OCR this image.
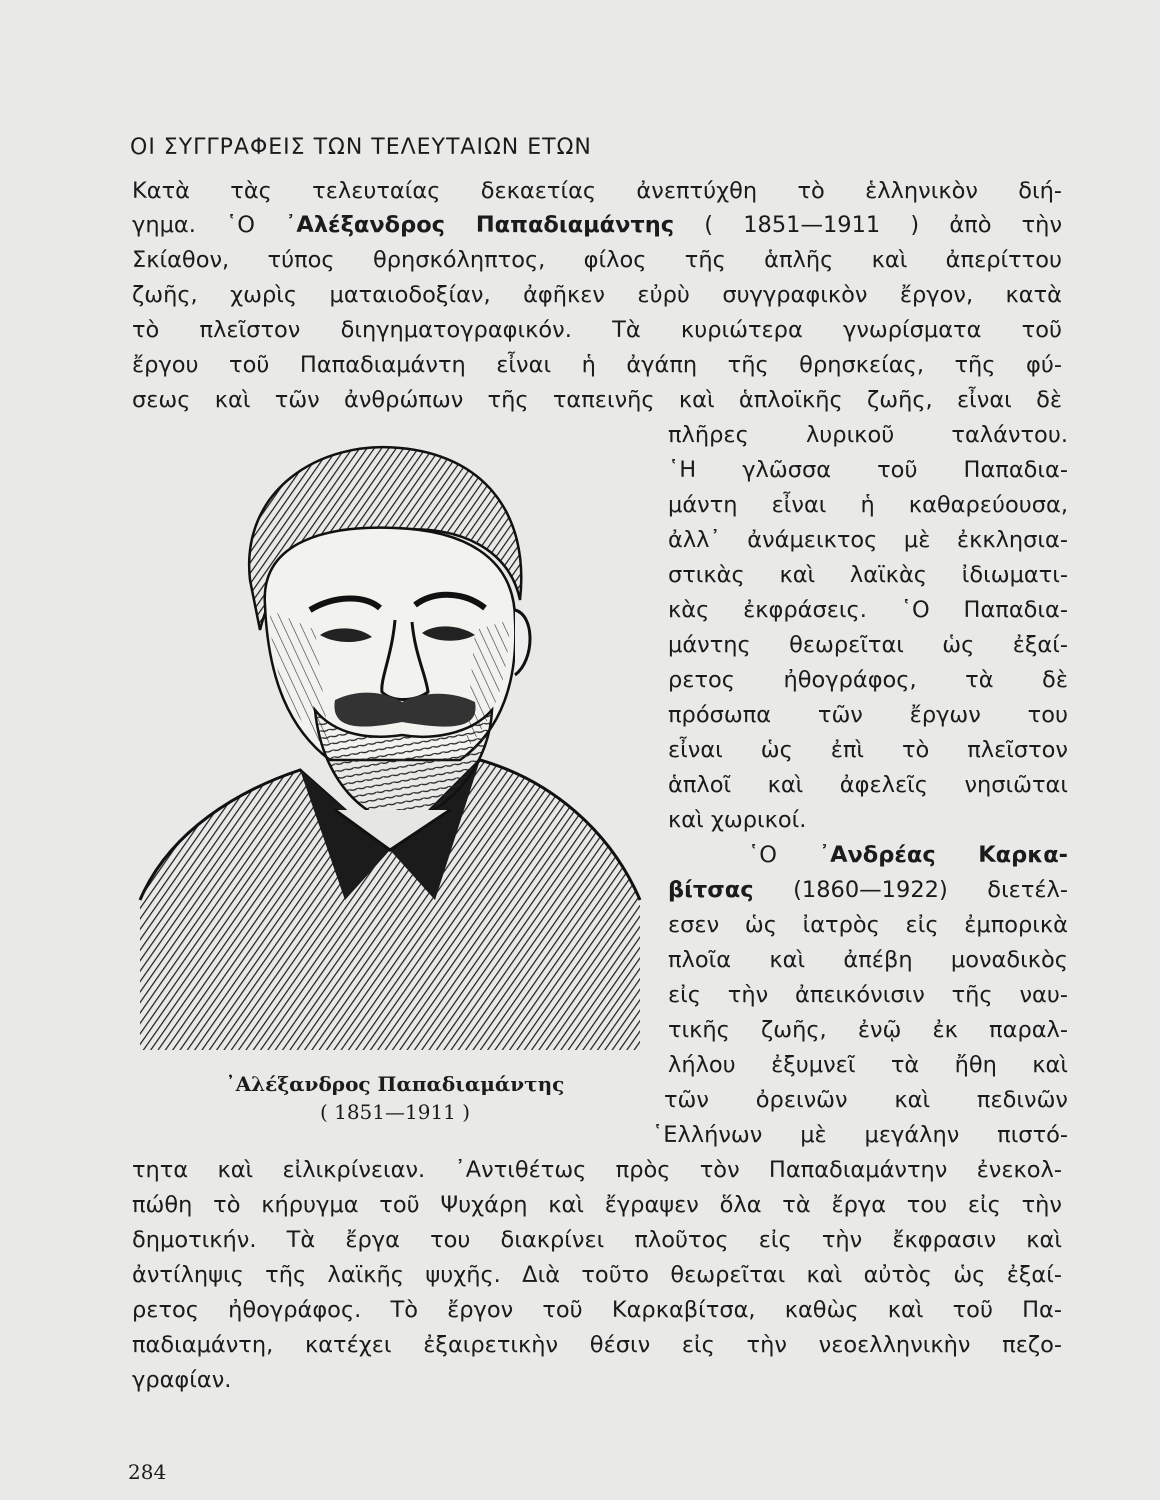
ΟΙ ΣΥΓΓΡΑΦΕΙΣ ΤΩΝ ΤΕΛΕΥΤΑΙΩΝ ΕΤΩΝ
Κατὰ τὰς τελευταίας δεκαετίας ἀνεπτύχθη τὸ ἑλληνικὸν διή-
γημα. ῾Ο ᾿Αλέξανδρος Παπαδιαμάντης ( 1851—1911 ) ἀπὸ τὴν
Σκίαθον, τύπος θρησκόληπτος, φίλος τῆς ἁπλῆς καὶ ἀπερίττου
ζωῆς, χωρὶς ματαιοδοξίαν, ἀφῆκεν εὐρὺ συγγραφικὸν ἔργον, κατὰ
τὸ πλεῖστον διηγηματογραφικόν. Τὰ κυριώτερα γνωρίσματα τοῦ
ἔργου τοῦ Παπαδιαμάντη εἶναι ἡ ἀγάπη τῆς θρησκείας, τῆς φύ-
σεως καὶ τῶν ἀνθρώπων τῆς ταπεινῆς καὶ ἁπλοϊκῆς ζωῆς, εἶναι δὲ
πλῆρες λυρικοῦ ταλάντου.
῾Η γλῶσσα τοῦ Παπαδια-
μάντη εἶναι ἡ καθαρεύουσα,
ἀλλ᾿ ἀνάμεικτος μὲ ἐκκλησια-
στικὰς καὶ λαϊκὰς ἰδιωματι-
κὰς ἐκφράσεις. ῾Ο Παπαδια-
μάντης θεωρεῖται ὡς ἐξαί-
ρετος ἠθογράφος, τὰ δὲ
πρόσωπα τῶν ἔργων του
εἶναι ὡς ἐπὶ τὸ πλεῖστον
ἁπλοῖ καὶ ἀφελεῖς νησιῶται
καὶ χωρικοί.
῾Ο ᾿Ανδρέας Καρκα-
βίτσας (1860—1922) διετέλ-
εσεν ὡς ἰατρὸς εἰς ἐμπορικὰ
πλοῖα καὶ ἀπέβη μοναδικὸς
εἰς τὴν ἀπεικόνισιν τῆς ναυ-
τικῆς ζωῆς, ἐνῷ ἐκ παραλ-
λήλου ἐξυμνεῖ τὰ ἤθη καὶ
τῶν ὀρεινῶν καὶ πεδινῶν
῾Ελλήνων μὲ μεγάλην πιστό-
τητα καὶ εἰλικρίνειαν. ᾿Αντιθέτως πρὸς τὸν Παπαδιαμάντην ἐνεκολ-
πώθη τὸ κήρυγμα τοῦ Ψυχάρη καὶ ἔγραψεν ὅλα τὰ ἔργα του εἰς τὴν
δημοτικήν. Τὰ ἔργα του διακρίνει πλοῦτος εἰς τὴν ἔκφρασιν καὶ
ἀντίληψις τῆς λαϊκῆς ψυχῆς. Διὰ τοῦτο θεωρεῖται καὶ αὐτὸς ὡς ἐξαί-
ρετος ἠθογράφος. Τὸ ἔργον τοῦ Καρκαβίτσα, καθὼς καὶ τοῦ Πα-
παδιαμάντη, κατέχει ἐξαιρετικὴν θέσιν εἰς τὴν νεοελληνικὴν πεζο-
γραφίαν.
᾿Αλέξανδρος Παπαδιαμάντης
( 1851—1911 )
284
